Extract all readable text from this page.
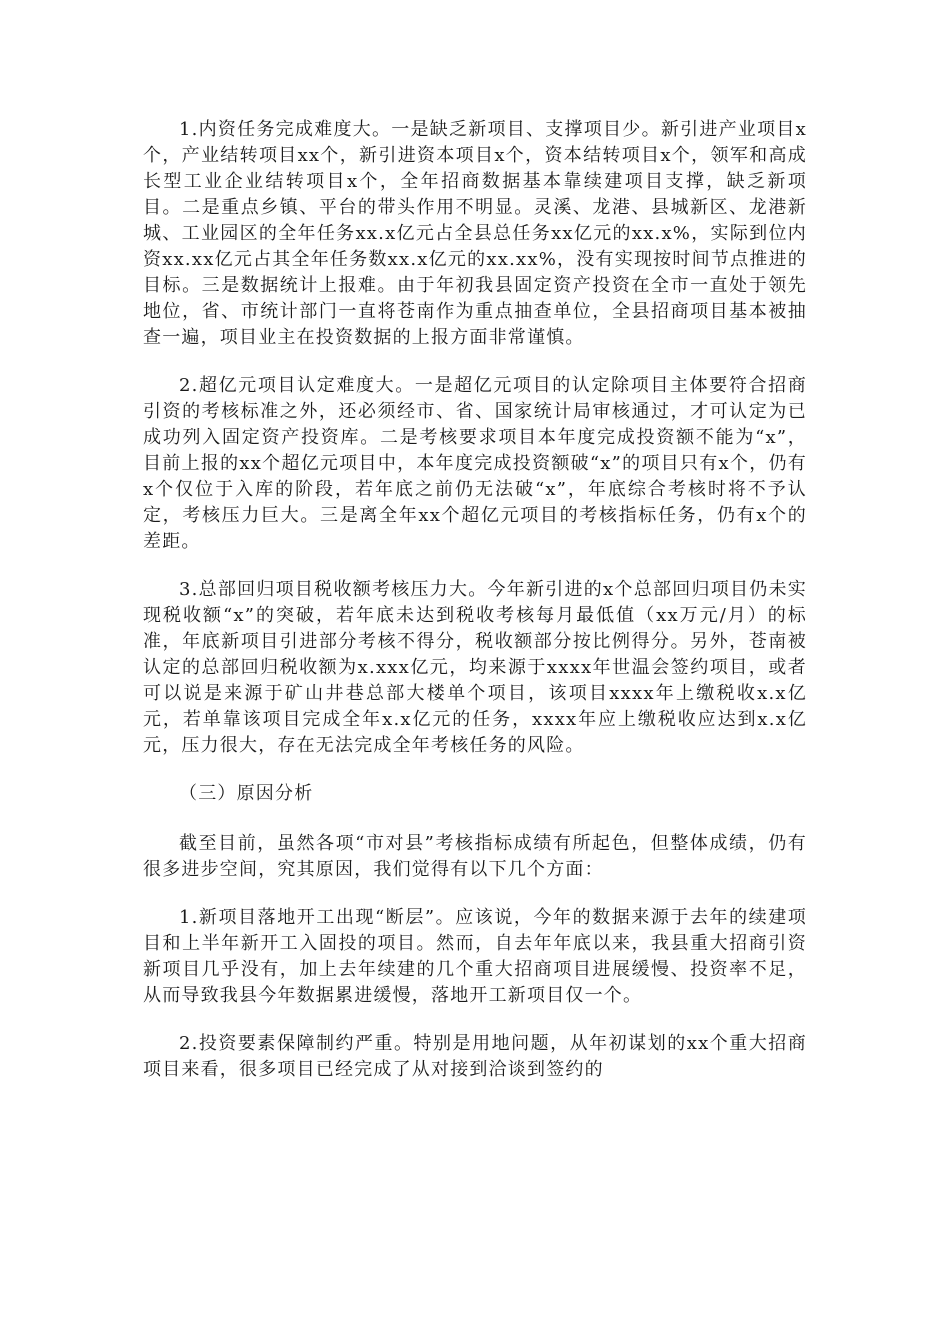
1.内资任务完成难度大。一是缺乏新项目、支撑项目少。新引进产业项目x个，产业结转项目xx个，新引进资本项目x个，资本结转项目x个，领军和高成长型工业企业结转项目x个，全年招商数据基本靠续建项目支撑，缺乏新项目。二是重点乡镇、平台的带头作用不明显。灵溪、龙港、县城新区、龙港新城、工业园区的全年任务xx.x亿元占全县总任务xx亿元的xx.x%，实际到位内资xx.xx亿元占其全年任务数xx.x亿元的xx.xx%，没有实现按时间节点推进的目标。三是数据统计上报难。由于年初我县固定资产投资在全市一直处于领先地位，省、市统计部门一直将苍南作为重点抽查单位，全县招商项目基本被抽查一遍，项目业主在投资数据的上报方面非常谨慎。

2.超亿元项目认定难度大。一是超亿元项目的认定除项目主体要符合招商引资的考核标准之外，还必须经市、省、国家统计局审核通过，才可认定为已成功列入固定资产投资库。二是考核要求项目本年度完成投资额不能为“x”，目前上报的xx个超亿元项目中，本年度完成投资额破“x”的项目只有x个，仍有x个仅位于入库的阶段，若年底之前仍无法破“x”，年底综合考核时将不予认定，考核压力巨大。三是离全年xx个超亿元项目的考核指标任务，仍有x个的差距。

3.总部回归项目税收额考核压力大。今年新引进的x个总部回归项目仍未实现税收额“x”的突破，若年底未达到税收考核每月最低值（xx万元/月）的标准，年底新项目引进部分考核不得分，税收额部分按比例得分。另外，苍南被认定的总部回归税收额为x.xxx亿元，均来源于xxxx年世温会签约项目，或者可以说是来源于矿山井巷总部大楼单个项目，该项目xxxx年上缴税收x.x亿元，若单靠该项目完成全年x.x亿元的任务，xxxx年应上缴税收应达到x.x亿元，压力很大，存在无法完成全年考核任务的风险。

（三）原因分析

截至目前，虽然各项“市对县”考核指标成绩有所起色，但整体成绩，仍有很多进步空间，究其原因，我们觉得有以下几个方面：

1.新项目落地开工出现“断层”。应该说，今年的数据来源于去年的续建项目和上半年新开工入固投的项目。然而，自去年年底以来，我县重大招商引资新项目几乎没有，加上去年续建的几个重大招商项目进展缓慢、投资率不足，从而导致我县今年数据累进缓慢，落地开工新项目仅一个。

2.投资要素保障制约严重。特别是用地问题，从年初谋划的xx个重大招商项目来看，很多项目已经完成了从对接到洽谈到签约的
